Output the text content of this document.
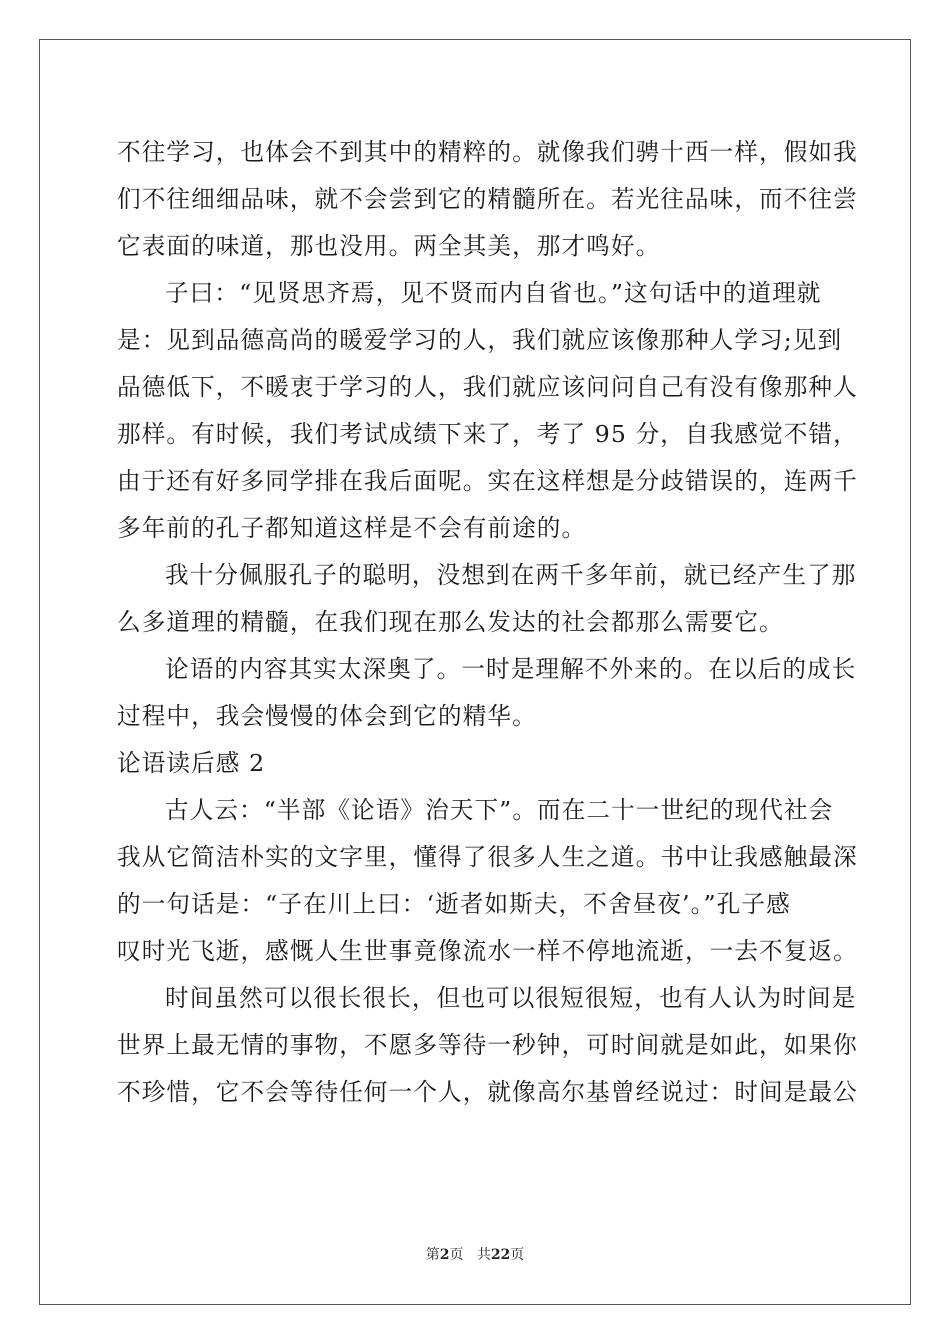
不往学习，也体会不到其中的精粹的。就像我们骋十西一样，假如我
们不往细细品味，就不会尝到它的精髓所在。若光往品味，而不往尝
它表面的味道，那也没用。两全其美，那才鸣好。
子曰：“见贤思齐焉，见不贤而内自省也。”这句话中的道理就
是：见到品德高尚的暖爱学习的人，我们就应该像那种人学习;见到
品德低下，不暖衷于学习的人，我们就应该问问自己有没有像那种人
那样。有时候，我们考试成绩下来了，考了 95 分，自我感觉不错，
由于还有好多同学排在我后面呢。实在这样想是分歧错误的，连两千
多年前的孔子都知道这样是不会有前途的。
我十分佩服孔子的聪明，没想到在两千多年前，就已经产生了那
么多道理的精髓，在我们现在那么发达的社会都那么需要它。
论语的内容其实太深奥了。一时是理解不外来的。在以后的成长
过程中，我会慢慢的体会到它的精华。
论语读后感 2
古人云：“半部《论语》治天下”。而在二十一世纪的现代社会
我从它简洁朴实的文字里，懂得了很多人生之道。书中让我感触最深
的一句话是：“子在川上曰：‘逝者如斯夫，不舍昼夜’。”孔子感
叹时光飞逝，感慨人生世事竟像流水一样不停地流逝，一去不复返。
时间虽然可以很长很长，但也可以很短很短，也有人认为时间是
世界上最无情的事物，不愿多等待一秒钟，可时间就是如此，如果你
不珍惜，它不会等待任何一个人，就像高尔基曾经说过：时间是最公
第2页 共22页
